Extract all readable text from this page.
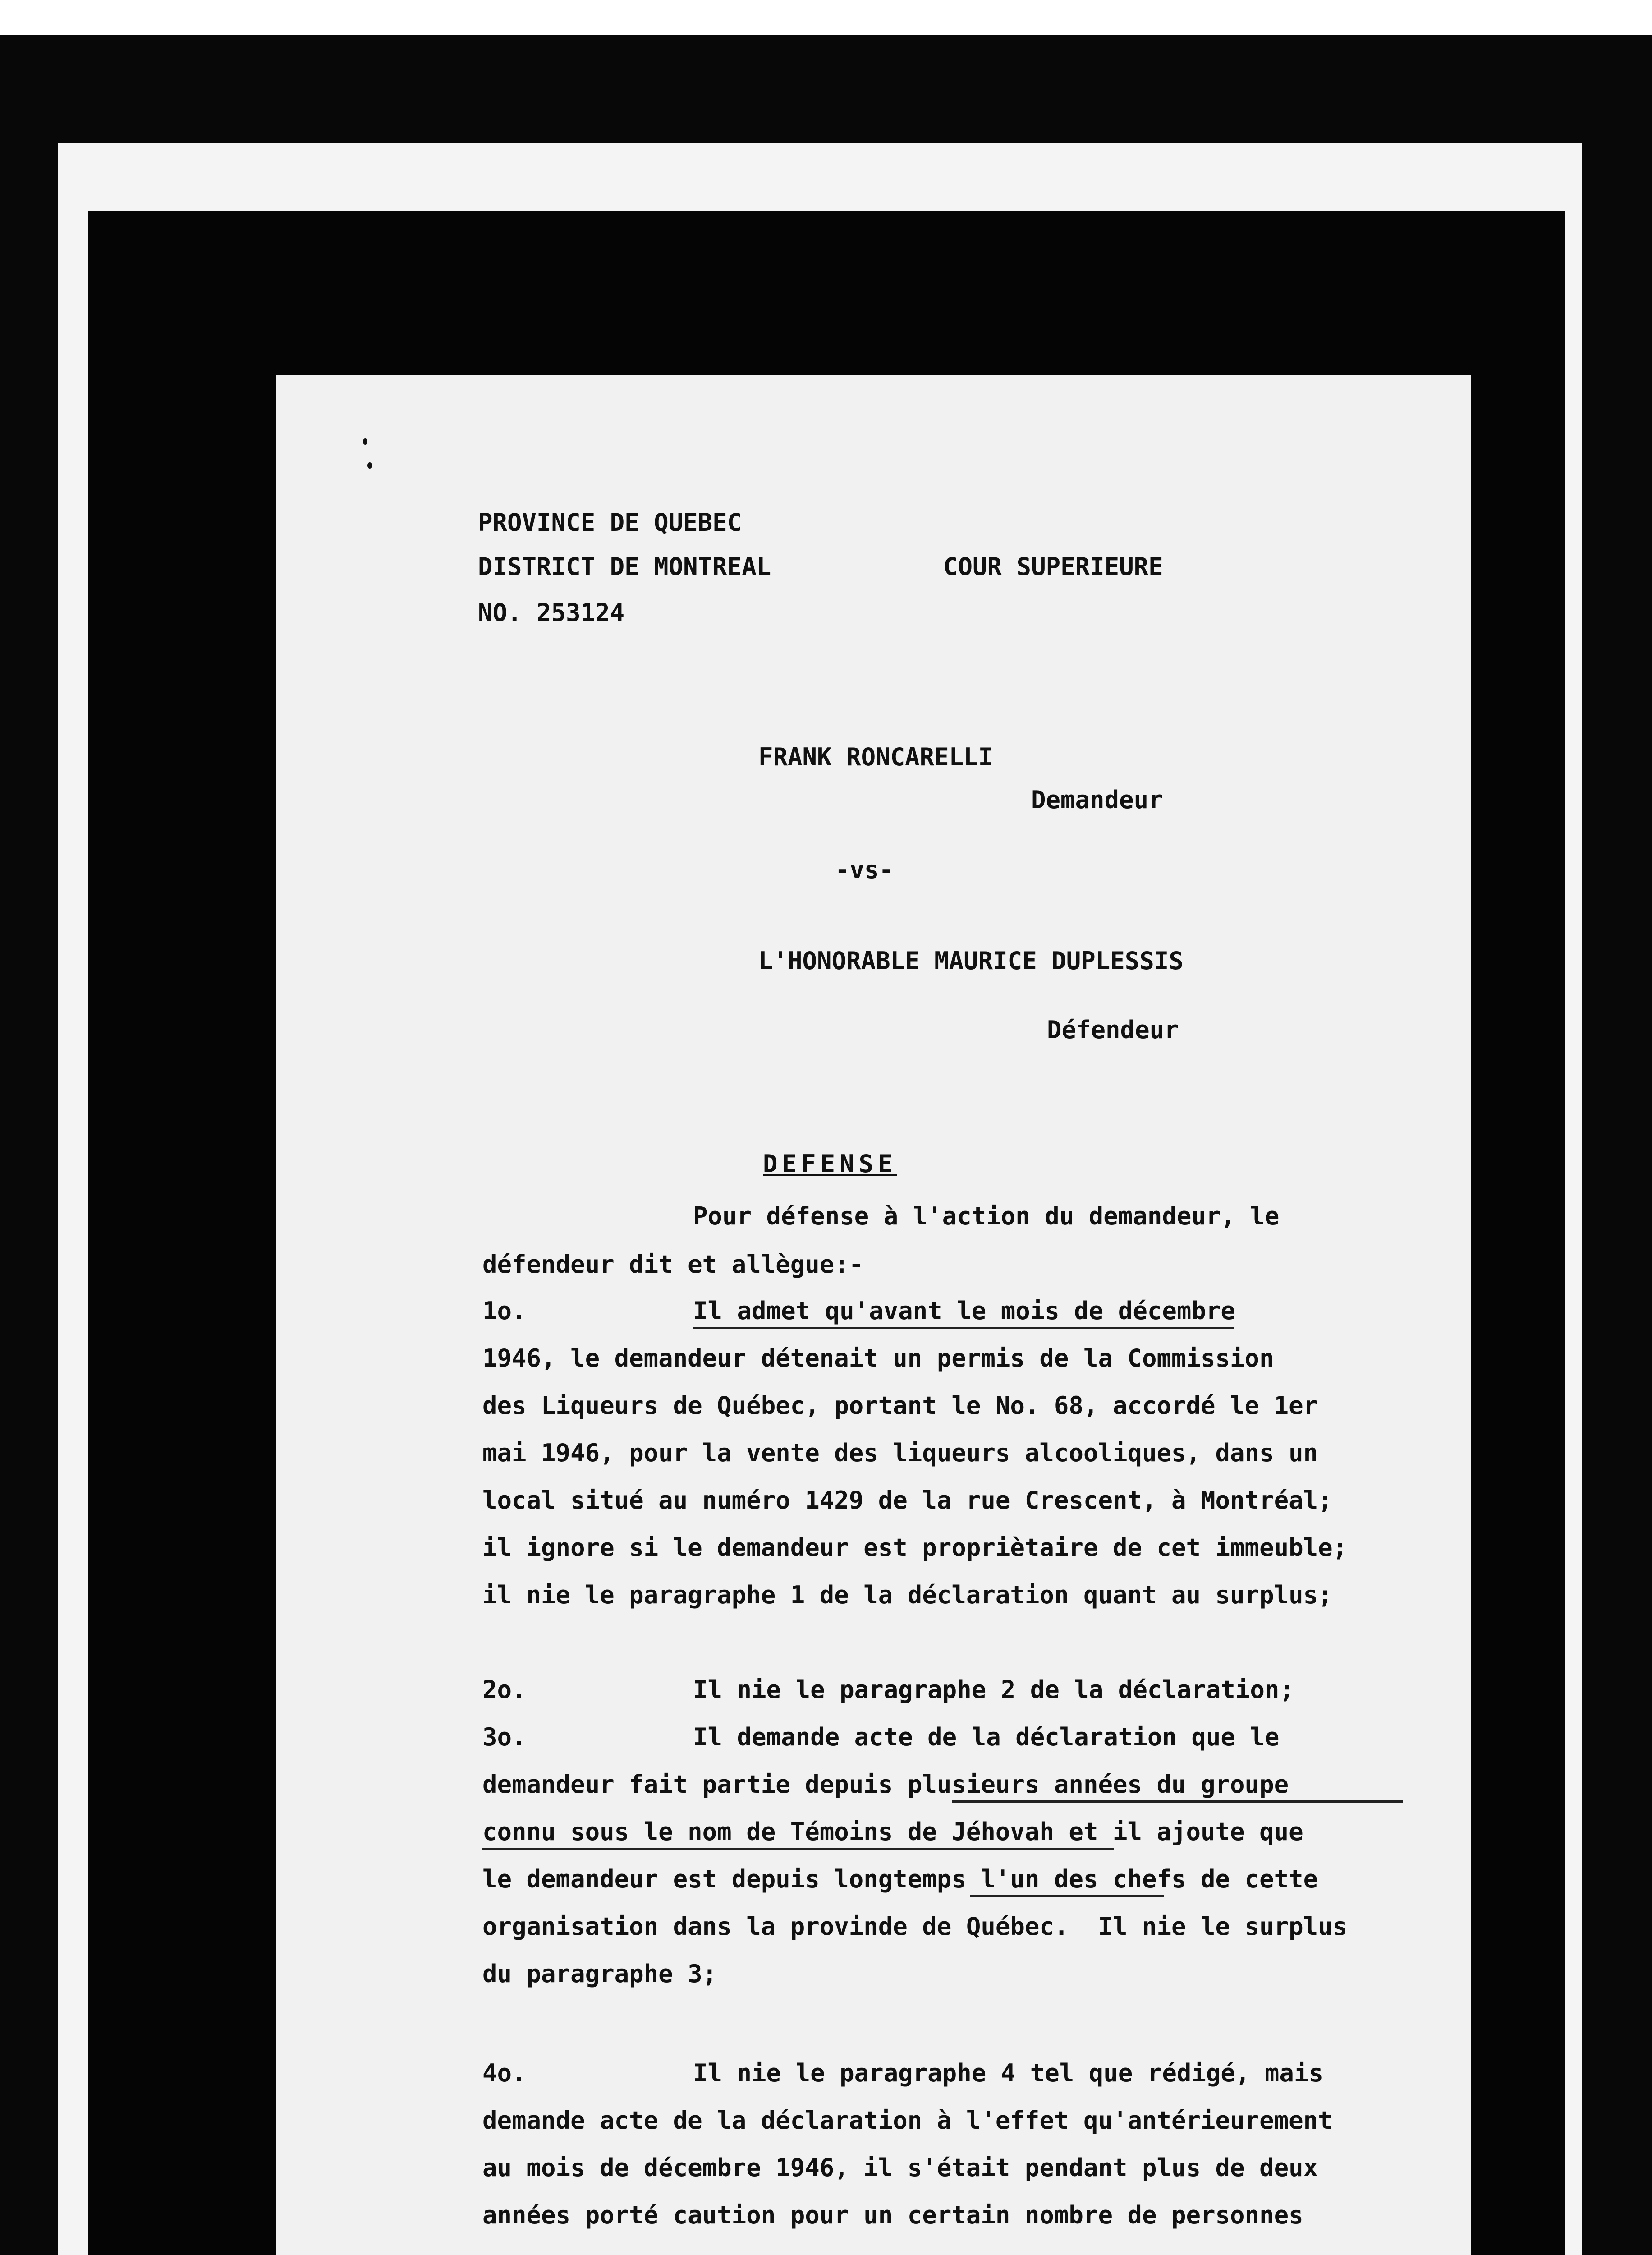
PROVINCE DE QUEBEC
DISTRICT DE MONTREAL	COUR SUPERIEURE
NO. 253124
FRANK RONCARELLI
Demandeur
-vs-
L'HONORABLE MAURICE DUPLESSIS
Défendeur
DEFENSE
Pour défense à l'action du demandeur, le
défendeur dit et allègue:-
1o.	Il admet qu'avant le mois de décembre
1946, le demandeur détenait un permis de la Commission
des Liqueurs de Québec, portant le No. 68, accordé le 1er
mai 1946, pour la vente des liqueurs alcooliques, dans un
local situé au numéro 1429 de la rue Crescent, à Montréal;
il ignore si le demandeur est propriètaire de cet immeuble;
il nie le paragraphe 1 de la déclaration quant au surplus;
2o.	Il nie le paragraphe 2 de la déclaration;
3o.	Il demande acte de la déclaration que le
demandeur fait partie depuis plusieurs années du groupe
connu sous le nom de Témoins de Jéhovah et il ajoute que
le demandeur est depuis longtemps l'un des chefs de cette
organisation dans la provinde de Québec.  Il nie le surplus
du paragraphe 3;
4o.	Il nie le paragraphe 4 tel que rédigé, mais
demande acte de la déclaration à l'effet qu'antérieurement
au mois de décembre 1946, il s'était pendant plus de deux
années porté caution pour un certain nombre de personnes
